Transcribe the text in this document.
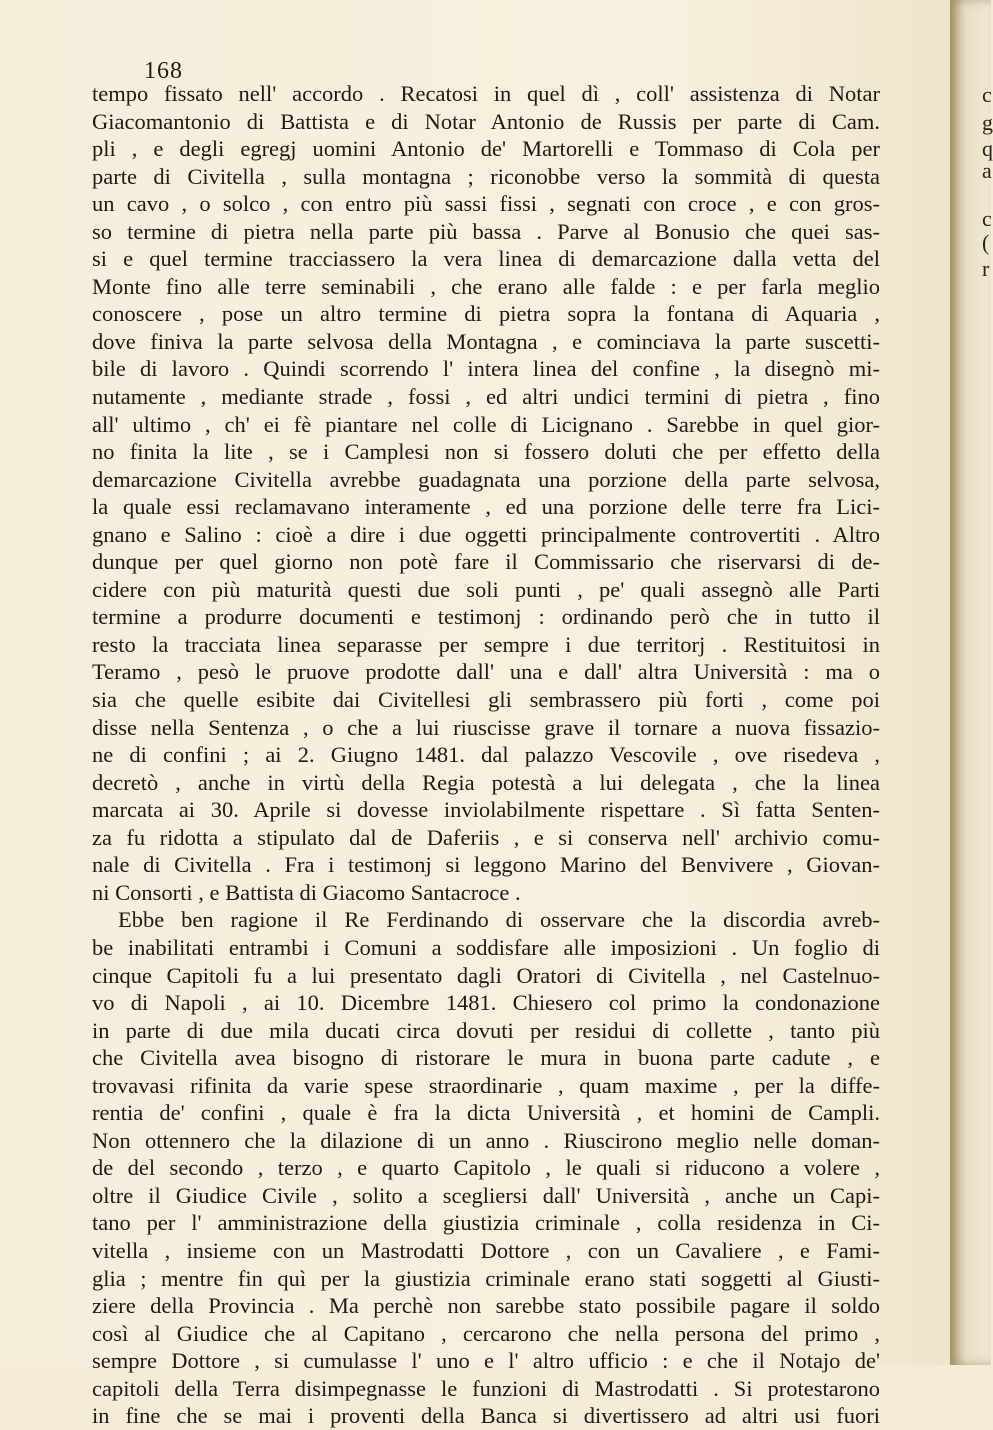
168
tempo fissato nell' accordo . Recatosi in quel dì , coll' assistenza di Notar
Giacomantonio di Battista e di Notar Antonio de Russis per parte di Cam.
pli , e degli egregj uomini Antonio de' Martorelli e Tommaso di Cola per
parte di Civitella , sulla montagna ; riconobbe verso la sommità di questa
un cavo , o solco , con entro più sassi fissi , segnati con croce , e con gros-
so termine di pietra nella parte più bassa . Parve al Bonusio che quei sas-
si e quel termine tracciassero la vera linea di demarcazione dalla vetta del
Monte fino alle terre seminabili , che erano alle falde : e per farla meglio
conoscere , pose un altro termine di pietra sopra la fontana di Aquaria ,
dove finiva la parte selvosa della Montagna , e cominciava la parte suscetti-
bile di lavoro . Quindi scorrendo l' intera linea del confine , la disegnò mi-
nutamente , mediante strade , fossi , ed altri undici termini di pietra , fino
all' ultimo , ch' ei fè piantare nel colle di Licignano . Sarebbe in quel gior-
no finita la lite , se i Camplesi non si fossero doluti che per effetto della
demarcazione Civitella avrebbe guadagnata una porzione della parte selvosa,
la quale essi reclamavano interamente , ed una porzione delle terre fra Lici-
gnano e Salino : cioè a dire i due oggetti principalmente controvertiti . Altro
dunque per quel giorno non potè fare il Commissario che riservarsi di de-
cidere con più maturità questi due soli punti , pe' quali assegnò alle Parti
termine a produrre documenti e testimonj : ordinando però che in tutto il
resto la tracciata linea separasse per sempre i due territorj . Restituitosi in
Teramo , pesò le pruove prodotte dall' una e dall' altra Università : ma o
sia che quelle esibite dai Civitellesi gli sembrassero più forti , come poi
disse nella Sentenza , o che a lui riuscisse grave il tornare a nuova fissazio-
ne di confini ; ai 2. Giugno 1481. dal palazzo Vescovile , ove risedeva ,
decretò , anche in virtù della Regia potestà a lui delegata , che la linea
marcata ai 30. Aprile si dovesse inviolabilmente rispettare . Sì fatta Senten-
za fu ridotta a stipulato dal de Daferiis , e si conserva nell' archivio comu-
nale di Civitella . Fra i testimonj si leggono Marino del Benvivere , Giovan-
ni Consorti , e Battista di Giacomo Santacroce .
Ebbe ben ragione il Re Ferdinando di osservare che la discordia avreb-
be inabilitati entrambi i Comuni a soddisfare alle imposizioni . Un foglio di
cinque Capitoli fu a lui presentato dagli Oratori di Civitella , nel Castelnuo-
vo di Napoli , ai 10. Dicembre 1481. Chiesero col primo la condonazione
in parte di due mila ducati circa dovuti per residui di collette , tanto più
che Civitella avea bisogno di ristorare le mura in buona parte cadute , e
trovavasi rifinita da varie spese straordinarie , quam maxime , per la diffe-
rentia de' confini , quale è fra la dicta Università , et homini de Campli.
Non ottennero che la dilazione di un anno . Riuscirono meglio nelle doman-
de del secondo , terzo , e quarto Capitolo , le quali si riducono a volere ,
oltre il Giudice Civile , solito a scegliersi dall' Università , anche un Capi-
tano per l' amministrazione della giustizia criminale , colla residenza in Ci-
vitella , insieme con un Mastrodatti Dottore , con un Cavaliere , e Fami-
glia ; mentre fin quì per la giustizia criminale erano stati soggetti al Giusti-
ziere della Provincia . Ma perchè non sarebbe stato possibile pagare il soldo
così al Giudice che al Capitano , cercarono che nella persona del primo ,
sempre Dottore , si cumulasse l' uno e l' altro ufficio : e che il Notajo de'
capitoli della Terra disimpegnasse le funzioni di Mastrodatti . Si protestarono
in fine che se mai i proventi della Banca si divertissero ad altri usi fuori
c
g
q
a
c
(
r
